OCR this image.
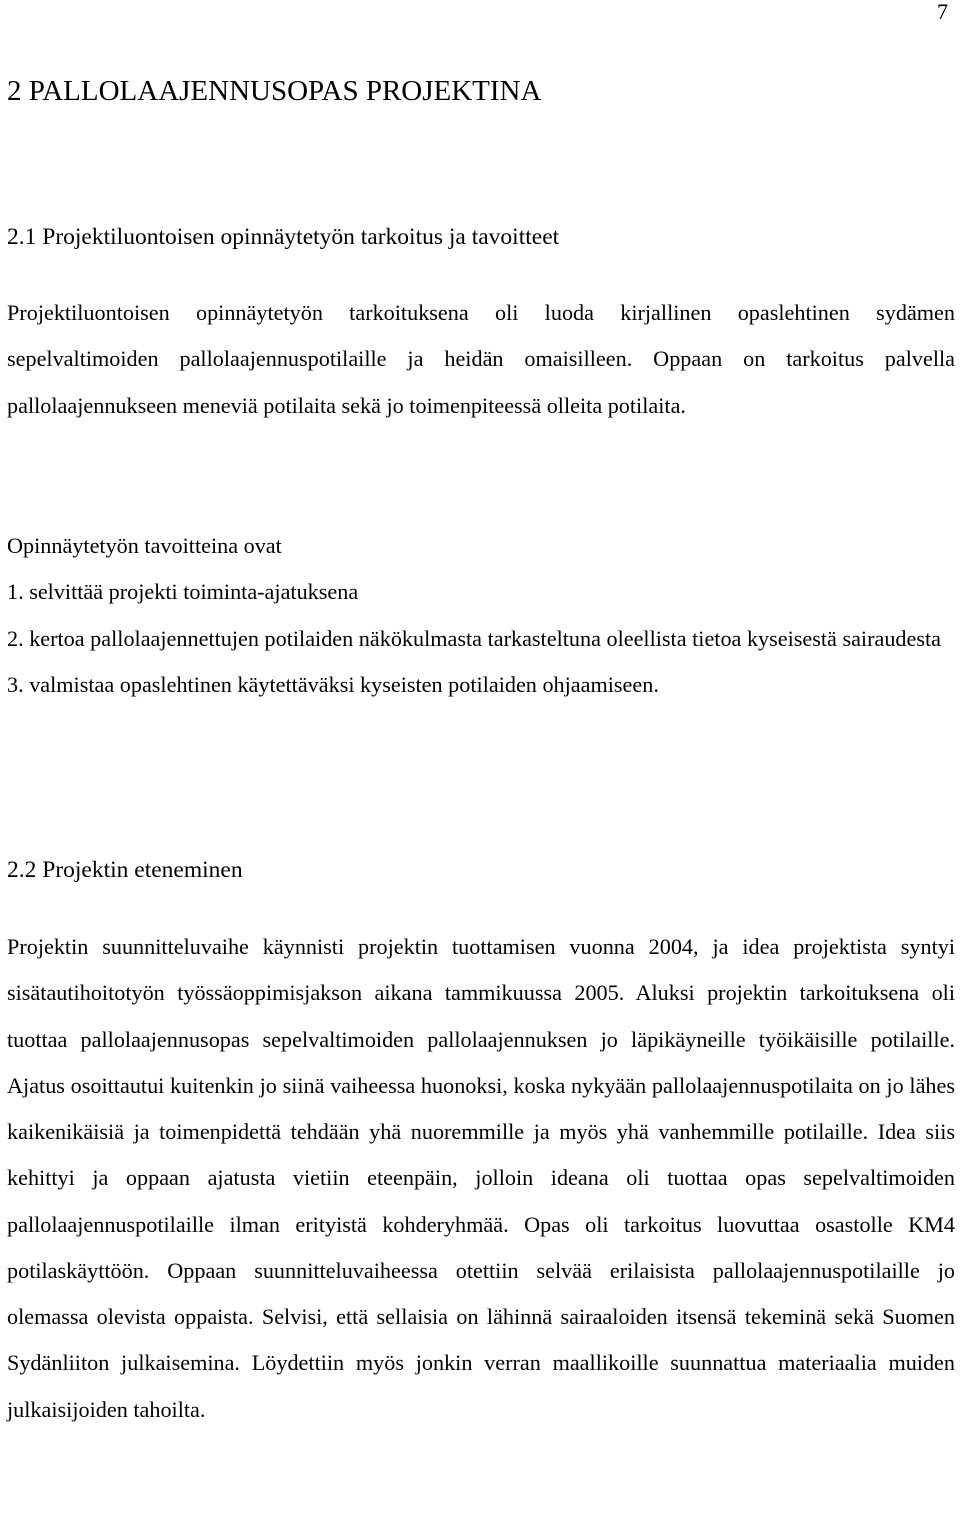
7
2 PALLOLAAJENNUSOPAS PROJEKTINA
2.1 Projektiluontoisen opinnäytetyön tarkoitus ja tavoitteet

Projektiluontoisen opinnäytetyön tarkoituksena oli luoda kirjallinen opaslehtinen sydämen sepelvaltimoiden pallolaajennuspotilaille ja heidän omaisilleen. Oppaan on tarkoitus palvella pallolaajennukseen meneviä potilaita sekä jo toimenpiteessä olleita potilaita.

Opinnäytetyön tavoitteina ovat

1. selvittää projekti toiminta-ajatuksena

2. kertoa pallolaajennettujen potilaiden näkökulmasta tarkasteltuna oleellista tietoa kyseisestä sairaudesta

3. valmistaa opaslehtinen käytettäväksi kyseisten potilaiden ohjaamiseen.

2.2 Projektin eteneminen

Projektin suunnitteluvaihe käynnisti projektin tuottamisen vuonna 2004, ja idea projektista syntyi sisätautihoitotyön työssäoppimisjakson aikana tammikuussa 2005. Aluksi projektin tarkoituksena oli tuottaa pallolaajennusopas sepelvaltimoiden pallolaajennuksen jo läpikäyneille työikäisille potilaille. Ajatus osoittautui kuitenkin jo siinä vaiheessa huonoksi, koska nykyään pallolaajennuspotilaita on jo lähes kaikenikäisiä ja toimenpidettä tehdään yhä nuoremmille ja myös yhä vanhemmille potilaille. Idea siis kehittyi ja oppaan ajatusta vietiin eteenpäin, jolloin ideana oli tuottaa opas sepelvaltimoiden pallolaajennuspotilaille ilman erityistä kohderyhmää. Opas oli tarkoitus luovuttaa osastolle KM4 potilaskäyttöön. Oppaan suunnitteluvaiheessa otettiin selvää erilaisista pallolaajennuspotilaille jo olemassa olevista oppaista. Selvisi, että sellaisia on lähinnä sairaaloiden itsensä tekeminä sekä Suomen Sydänliiton julkaisemina. Löydettiin myös jonkin verran maallikoille suunnattua materiaalia muiden julkaisijoiden tahoilta.
